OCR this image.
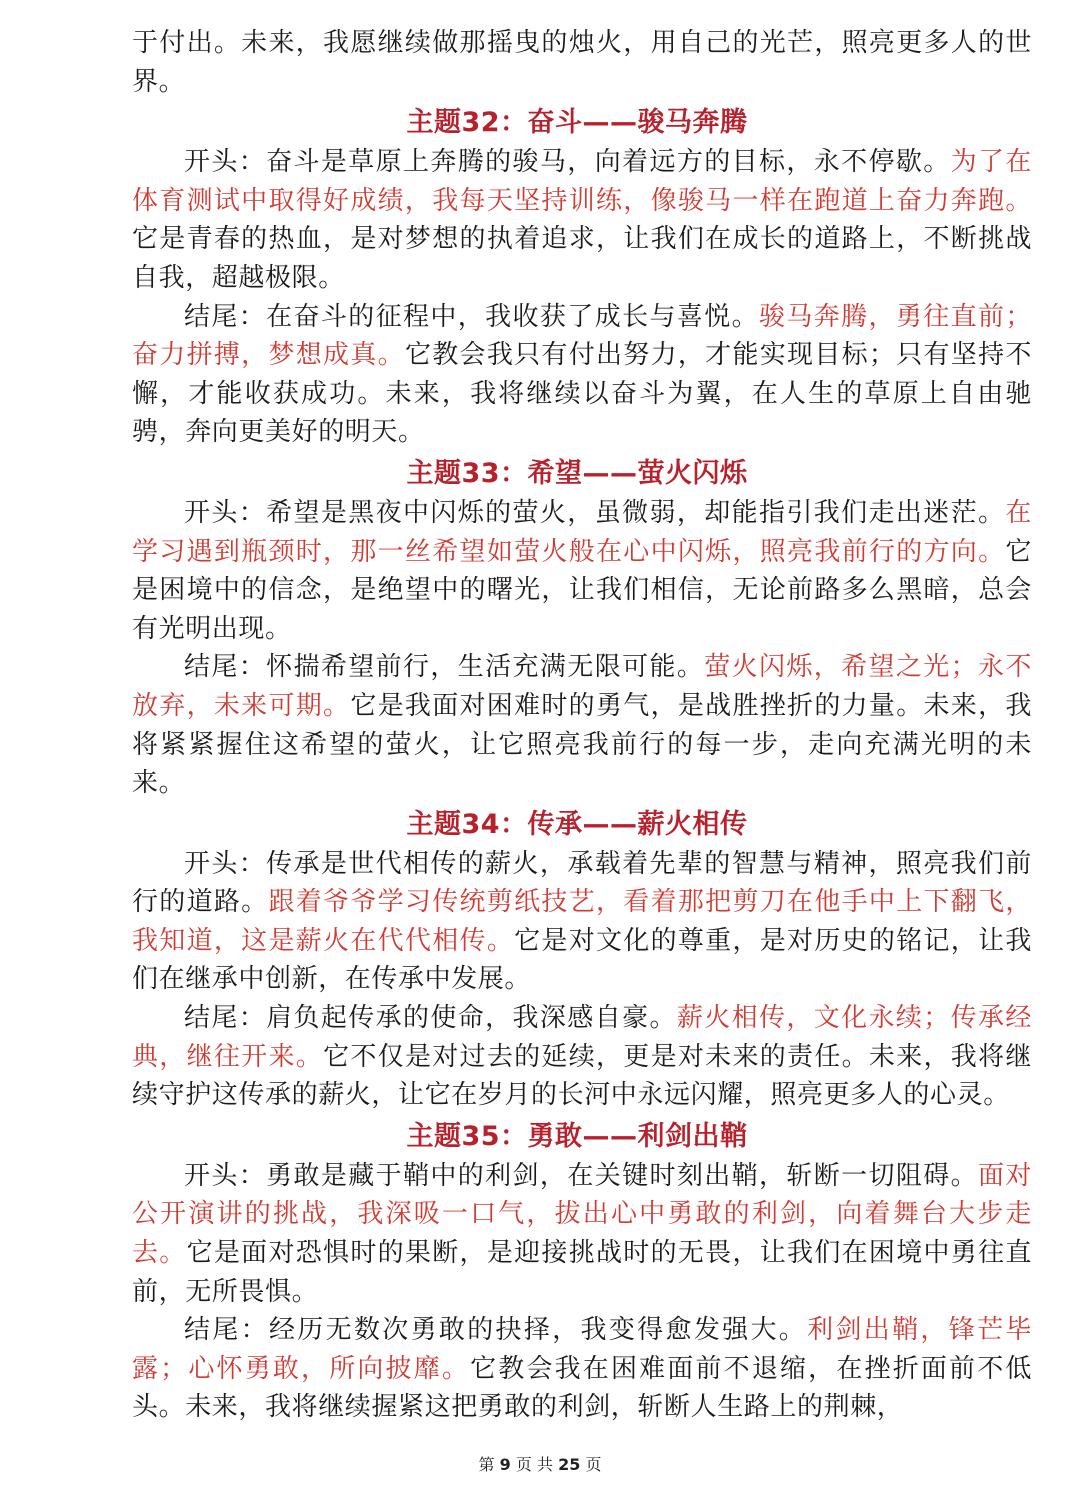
于付出。未来，我愿继续做那摇曳的烛火，用自己的光芒，照亮更多人的世界。

主题32：奋斗——骏马奔腾

开头：奋斗是草原上奔腾的骏马，向着远方的目标，永不停歇。为了在体育测试中取得好成绩，我每天坚持训练，像骏马一样在跑道上奋力奔跑。它是青春的热血，是对梦想的执着追求，让我们在成长的道路上，不断挑战自我，超越极限。

结尾：在奋斗的征程中，我收获了成长与喜悦。骏马奔腾，勇往直前；奋力拼搏，梦想成真。它教会我只有付出努力，才能实现目标；只有坚持不懈，才能收获成功。未来，我将继续以奋斗为翼，在人生的草原上自由驰骋，奔向更美好的明天。

主题33：希望——萤火闪烁

开头：希望是黑夜中闪烁的萤火，虽微弱，却能指引我们走出迷茫。在学习遇到瓶颈时，那一丝希望如萤火般在心中闪烁，照亮我前行的方向。它是困境中的信念，是绝望中的曙光，让我们相信，无论前路多么黑暗，总会有光明出现。

结尾：怀揣希望前行，生活充满无限可能。萤火闪烁，希望之光；永不放弃，未来可期。它是我面对困难时的勇气，是战胜挫折的力量。未来，我将紧紧握住这希望的萤火，让它照亮我前行的每一步，走向充满光明的未来。

主题34：传承——薪火相传

开头：传承是世代相传的薪火，承载着先辈的智慧与精神，照亮我们前行的道路。跟着爷爷学习传统剪纸技艺，看着那把剪刀在他手中上下翻飞，我知道，这是薪火在代代相传。它是对文化的尊重，是对历史的铭记，让我们在继承中创新，在传承中发展。

结尾：肩负起传承的使命，我深感自豪。薪火相传，文化永续；传承经典，继往开来。它不仅是对过去的延续，更是对未来的责任。未来，我将继续守护这传承的薪火，让它在岁月的长河中永远闪耀，照亮更多人的心灵。

主题35：勇敢——利剑出鞘

开头：勇敢是藏于鞘中的利剑，在关键时刻出鞘，斩断一切阻碍。面对公开演讲的挑战，我深吸一口气，拔出心中勇敢的利剑，向着舞台大步走去。它是面对恐惧时的果断，是迎接挑战时的无畏，让我们在困境中勇往直前，无所畏惧。

结尾：经历无数次勇敢的抉择，我变得愈发强大。利剑出鞘，锋芒毕露；心怀勇敢，所向披靡。它教会我在困难面前不退缩，在挫折面前不低头。未来，我将继续握紧这把勇敢的利剑，斩断人生路上的荆棘，

第 9 页 共 25 页
